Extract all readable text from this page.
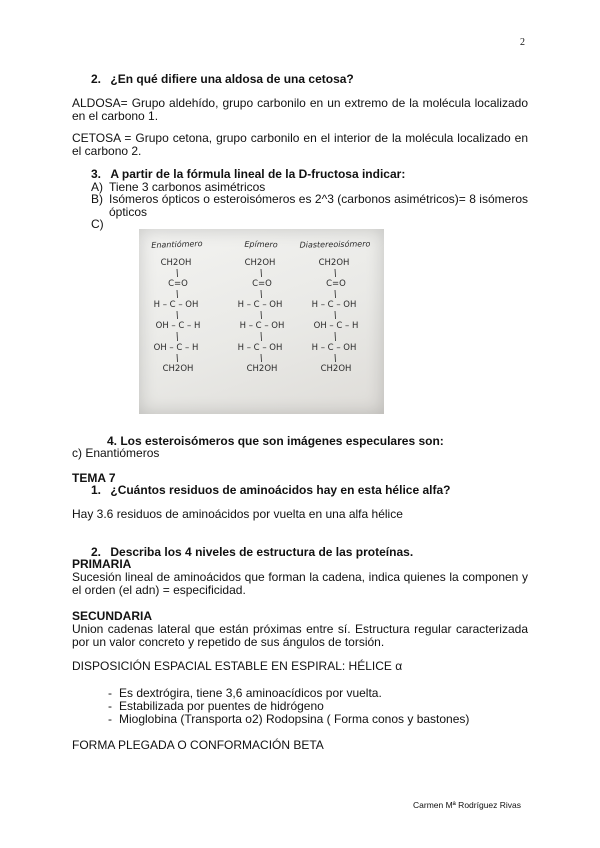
2
2. ¿En qué difiere una aldosa de una cetosa?
ALDOSA= Grupo aldehído, grupo carbonilo en un extremo de la molécula localizado en el carbono 1.
CETOSA = Grupo cetona, grupo carbonilo en el interior de la molécula localizado en el carbono 2.
3. A partir de la fórmula lineal de la D-fructosa indicar:
A) Tiene 3 carbonos asimétricos
B) Isómeros ópticos o esteroisómeros es 2^3 (carbonos asimétricos)= 8 isómeros ópticos
C)
Enantiómero	Epímero	Diastereoisómero
CH2OH
C=O
H – C – OH
OH – C – H
OH – C – H
CH2OH
CH2OH
C=O
H – C – OH
H – C – OH
H – C – OH
CH2OH
CH2OH
C=O
H – C – OH
OH – C – H
H – C – OH
CH2OH
4. Los esteroisómeros que son imágenes especulares son:
c) Enantiómeros
TEMA 7
1. ¿Cuántos residuos de aminoácidos hay en esta hélice alfa?
Hay 3.6 residuos de aminoácidos por vuelta en una alfa hélice
2. Describa los 4 niveles de estructura de las proteínas.
PRIMARIA
Sucesión lineal de aminoácidos que forman la cadena, indica quienes la componen y el orden (el adn) = especificidad.
SECUNDARIA
Union cadenas lateral que están próximas entre sí. Estructura regular caracterizada por un valor concreto y repetido de sus ángulos de torsión.
DISPOSICIÓN ESPACIAL ESTABLE EN ESPIRAL: HÉLICE α
- Es dextrógira, tiene 3,6 aminoacídicos por vuelta.
- Estabilizada por puentes de hidrógeno
- Mioglobina (Transporta o2) Rodopsina ( Forma conos y bastones)
FORMA PLEGADA O CONFORMACIÓN BETA
Carmen Mª Rodríguez Rivas
